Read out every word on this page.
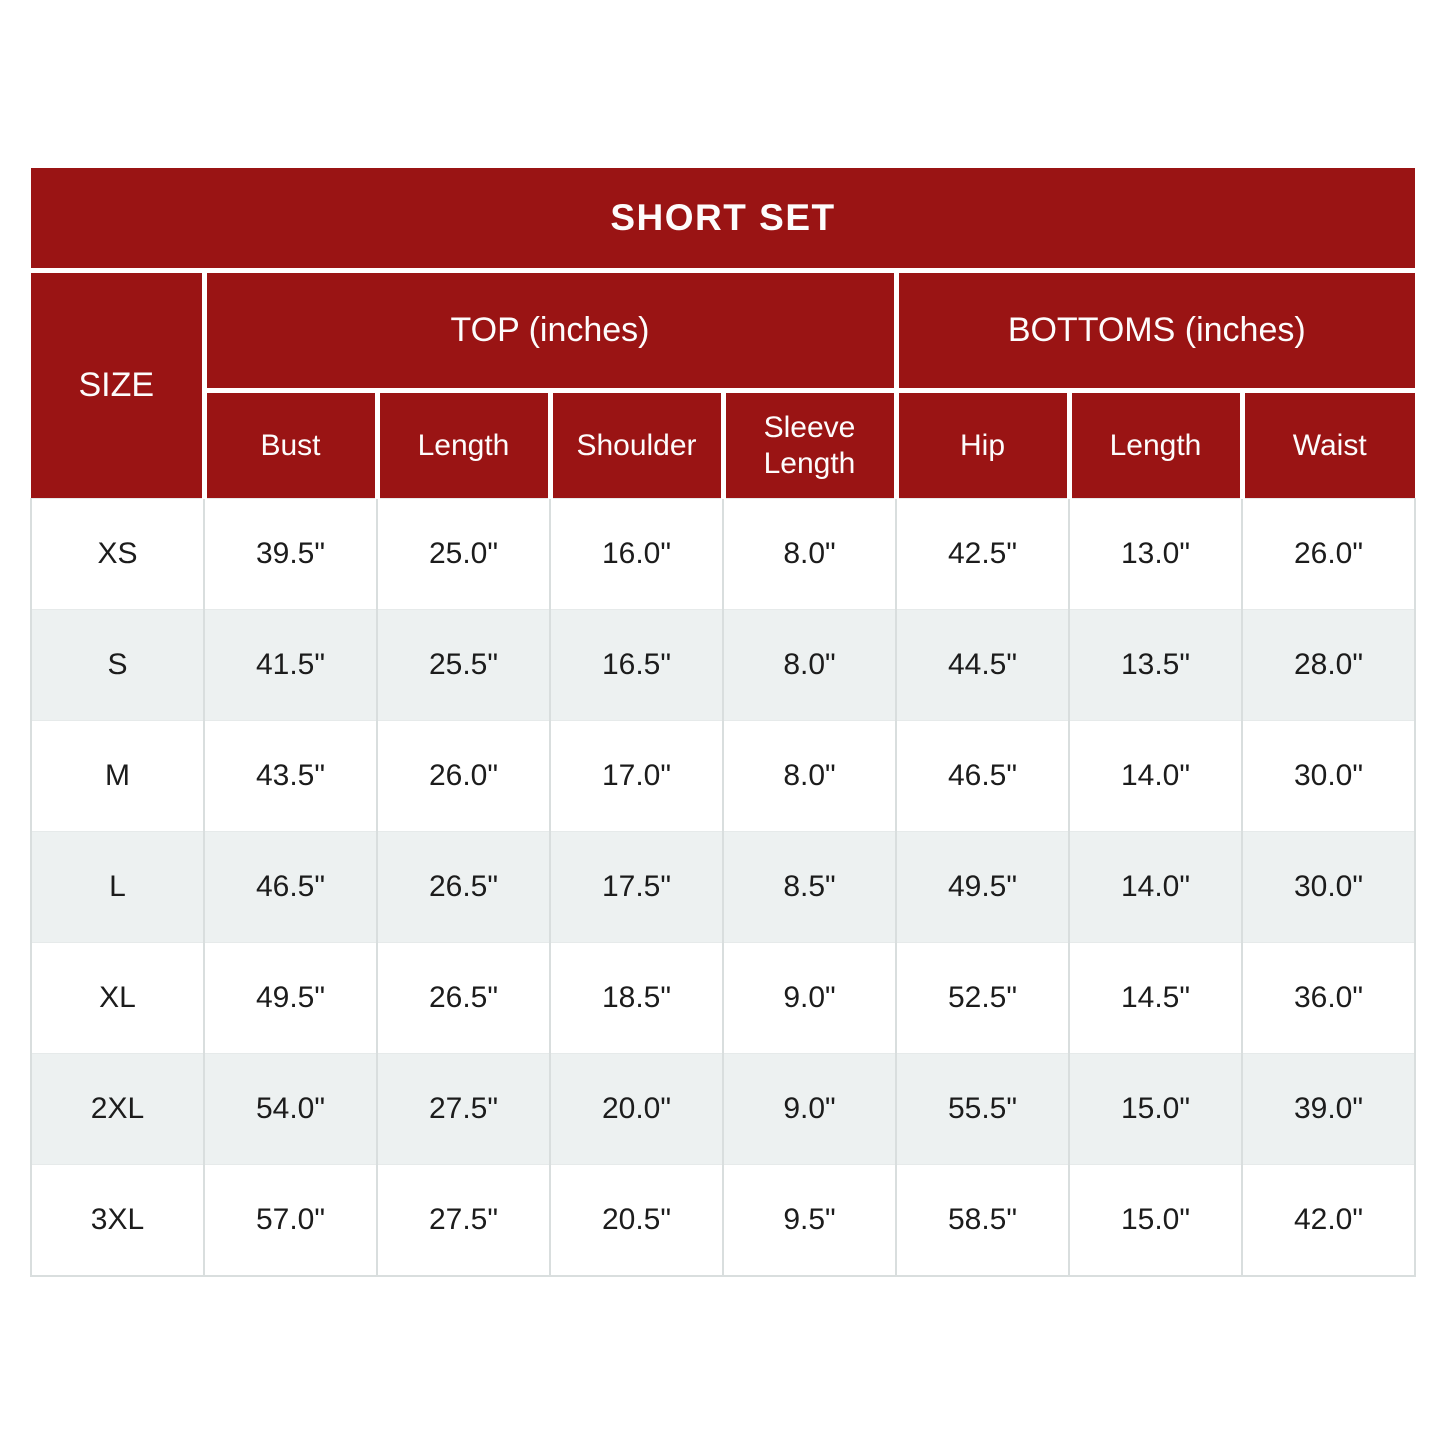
SHORT SET							
SIZE	TOP (inches)				BOTTOMS (inches)		
	Bust	Length	Shoulder	Sleeve Length	Hip	Length	Waist
XS	39.5"	25.0"	16.0"	8.0"	42.5"	13.0"	26.0"
S	41.5"	25.5"	16.5"	8.0"	44.5"	13.5"	28.0"
M	43.5"	26.0"	17.0"	8.0"	46.5"	14.0"	30.0"
L	46.5"	26.5"	17.5"	8.5"	49.5"	14.0"	30.0"
XL	49.5"	26.5"	18.5"	9.0"	52.5"	14.5"	36.0"
2XL	54.0"	27.5"	20.0"	9.0"	55.5"	15.0"	39.0"
3XL	57.0"	27.5"	20.5"	9.5"	58.5"	15.0"	42.0"
